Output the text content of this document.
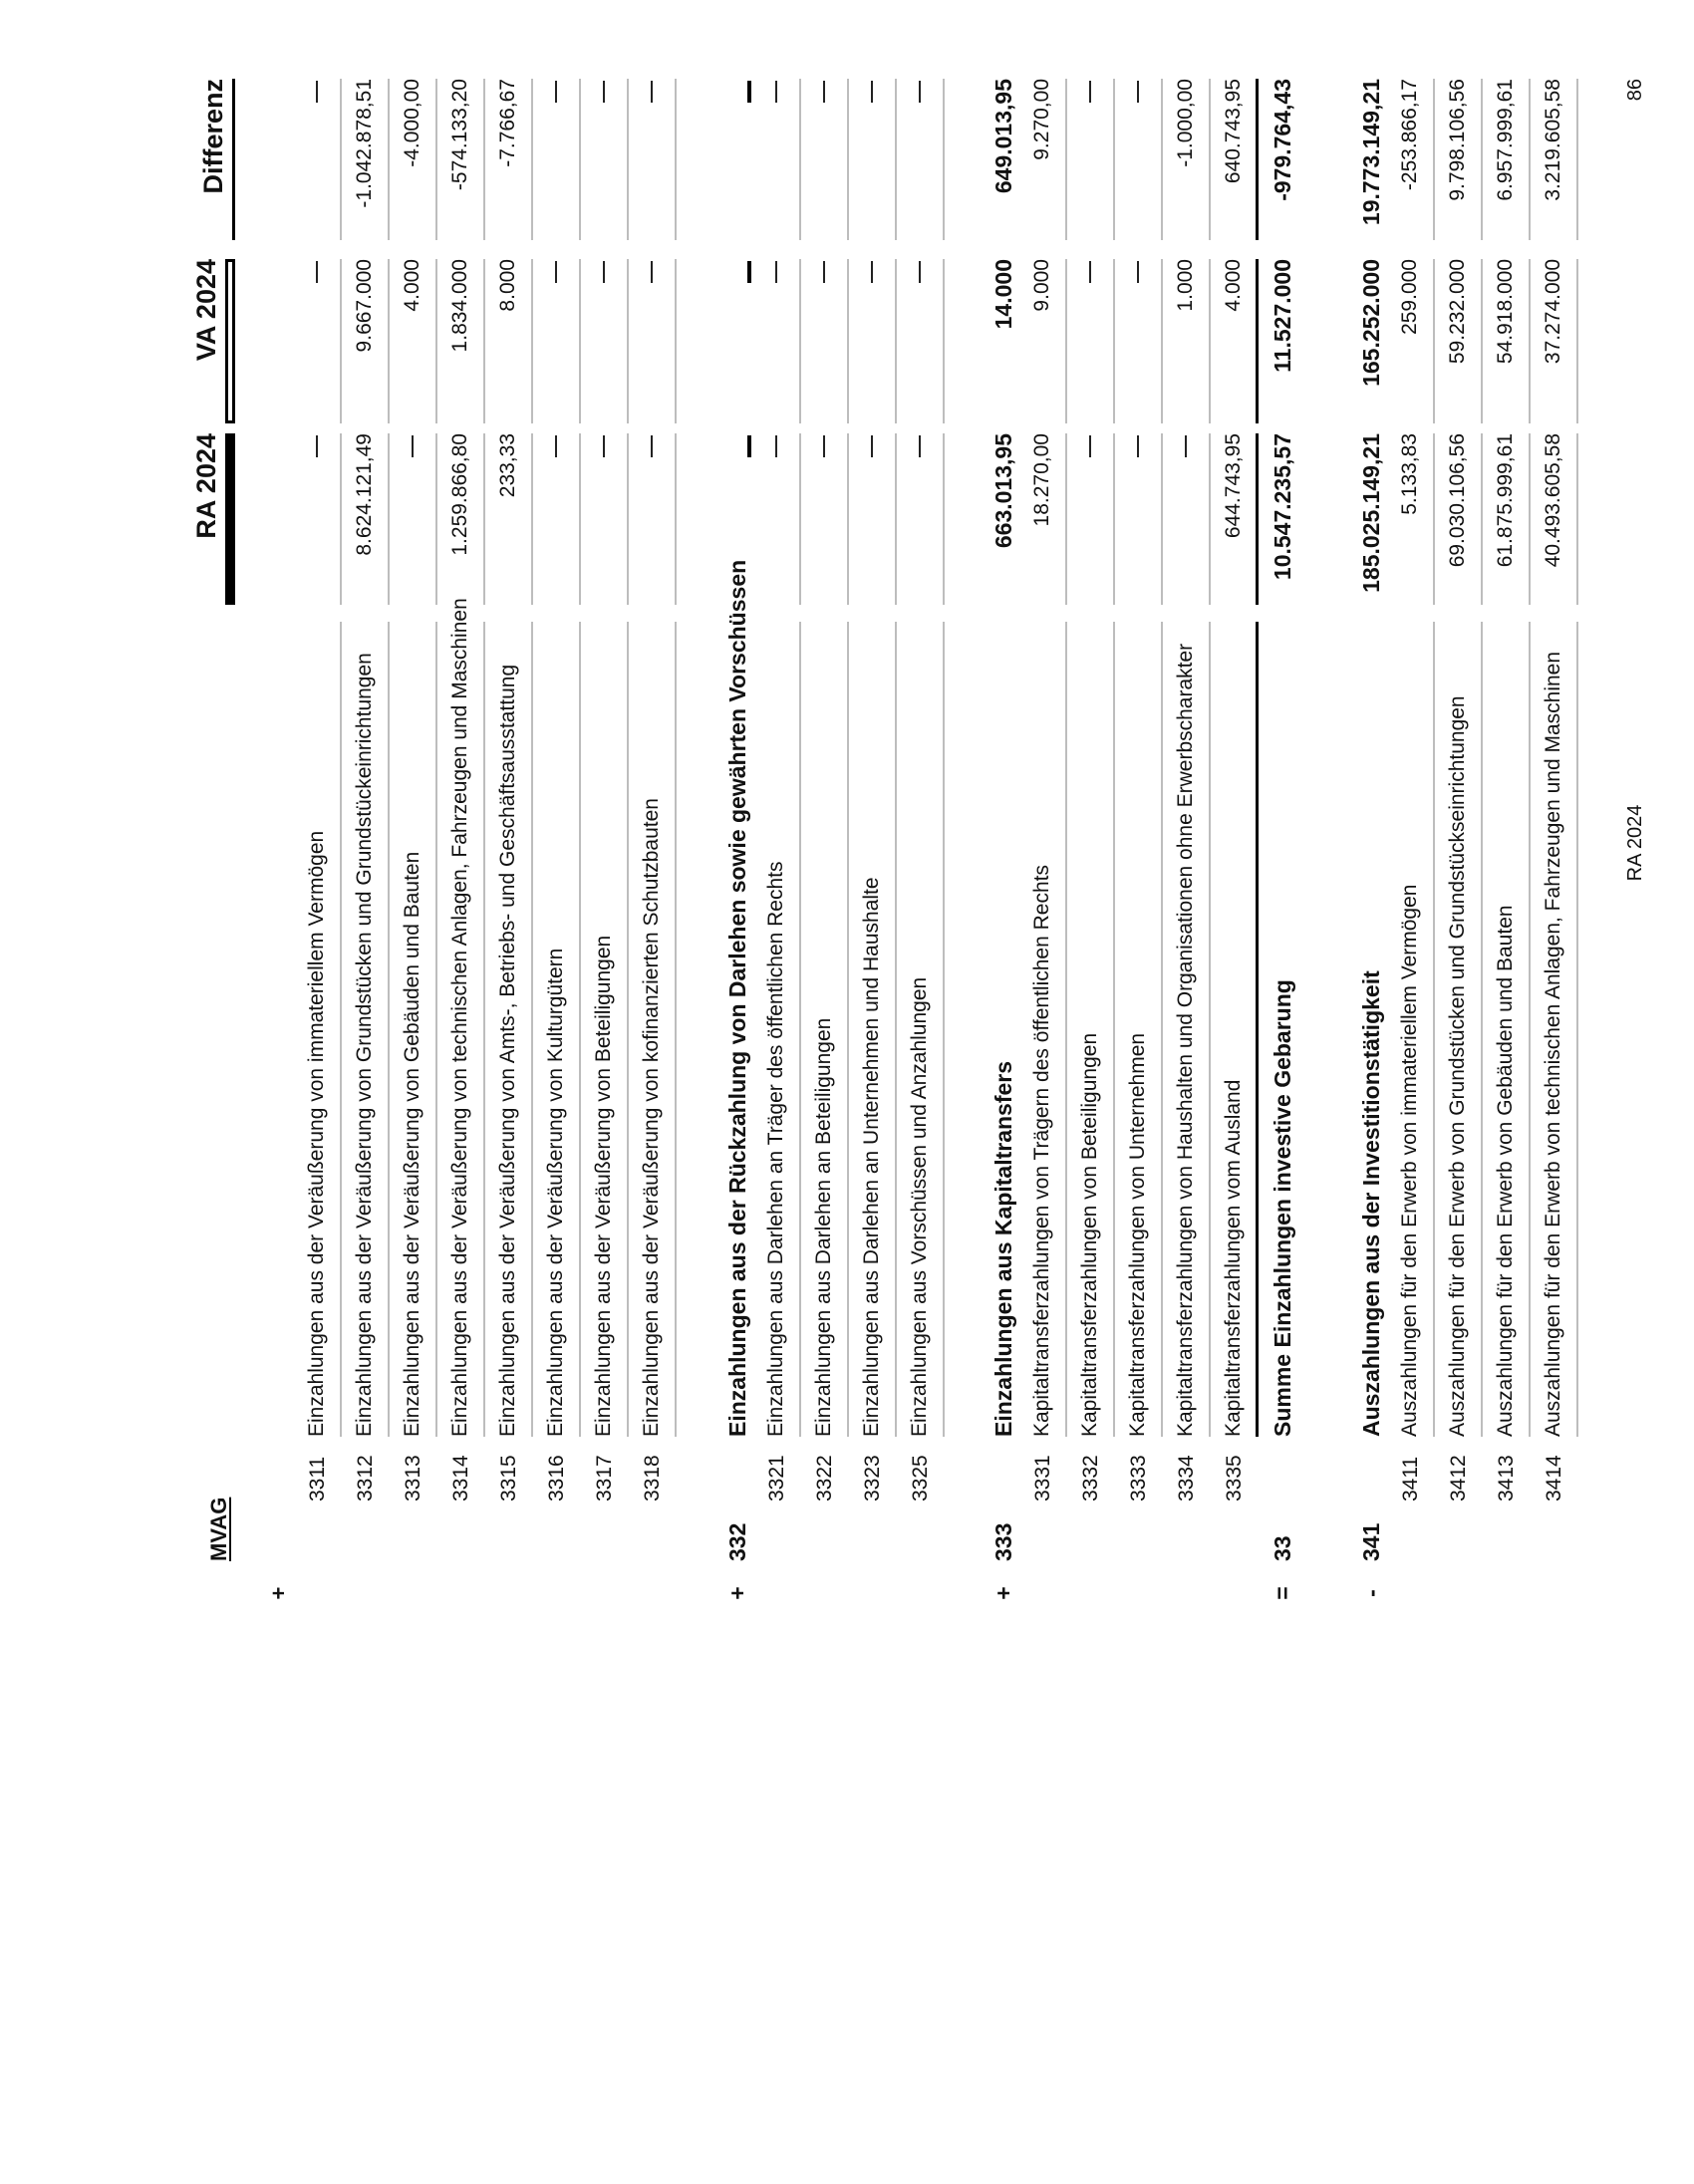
MVAG
RA 2024
VA 2024
Differenz
+
3311
Einzahlungen aus der Veräußerung von immateriellem Vermögen
3312
Einzahlungen aus der Veräußerung von Grundstücken und Grundstückeinrichtungen
8.624.121,49
9.667.000
-1.042.878,51
3313
Einzahlungen aus der Veräußerung von Gebäuden und Bauten
4.000
-4.000,00
3314
Einzahlungen aus der Veräußerung von technischen Anlagen, Fahrzeugen und Maschinen
1.259.866,80
1.834.000
-574.133,20
3315
Einzahlungen aus der Veräußerung von Amts-, Betriebs- und Geschäftsausstattung
233,33
8.000
-7.766,67
3316
Einzahlungen aus der Veräußerung von Kulturgütern
3317
Einzahlungen aus der Veräußerung von Beteiligungen
3318
Einzahlungen aus der Veräußerung von kofinanzierten Schutzbauten
+
332
Einzahlungen aus der Rückzahlung von Darlehen sowie gewährten Vorschüssen
3321
Einzahlungen aus Darlehen an Träger des öffentlichen Rechts
3322
Einzahlungen aus Darlehen an Beteiligungen
3323
Einzahlungen aus Darlehen an Unternehmen und Haushalte
3325
Einzahlungen aus Vorschüssen und Anzahlungen
+
333
Einzahlungen aus Kapitaltransfers
663.013,95
14.000
649.013,95
3331
Kapitaltransferzahlungen von Trägern des öffentlichen Rechts
18.270,00
9.000
9.270,00
3332
Kapitaltransferzahlungen von Beteiligungen
3333
Kapitaltransferzahlungen von Unternehmen
3334
Kapitaltransferzahlungen von Haushalten und Organisationen ohne Erwerbscharakter
1.000
-1.000,00
3335
Kapitaltransferzahlungen vom Ausland
644.743,95
4.000
640.743,95
=
33
Summe Einzahlungen investive Gebarung
10.547.235,57
11.527.000
-979.764,43
-
341
Auszahlungen aus der Investitionstätigkeit
185.025.149,21
165.252.000
19.773.149,21
3411
Auszahlungen für den Erwerb von immateriellem Vermögen
5.133,83
259.000
-253.866,17
3412
Auszahlungen für den Erwerb von Grundstücken und Grundstückseinrichtungen
69.030.106,56
59.232.000
9.798.106,56
3413
Auszahlungen für den Erwerb von Gebäuden und Bauten
61.875.999,61
54.918.000
6.957.999,61
3414
Auszahlungen für den Erwerb von technischen Anlagen, Fahrzeugen und Maschinen
40.493.605,58
37.274.000
3.219.605,58
RA 2024
86
